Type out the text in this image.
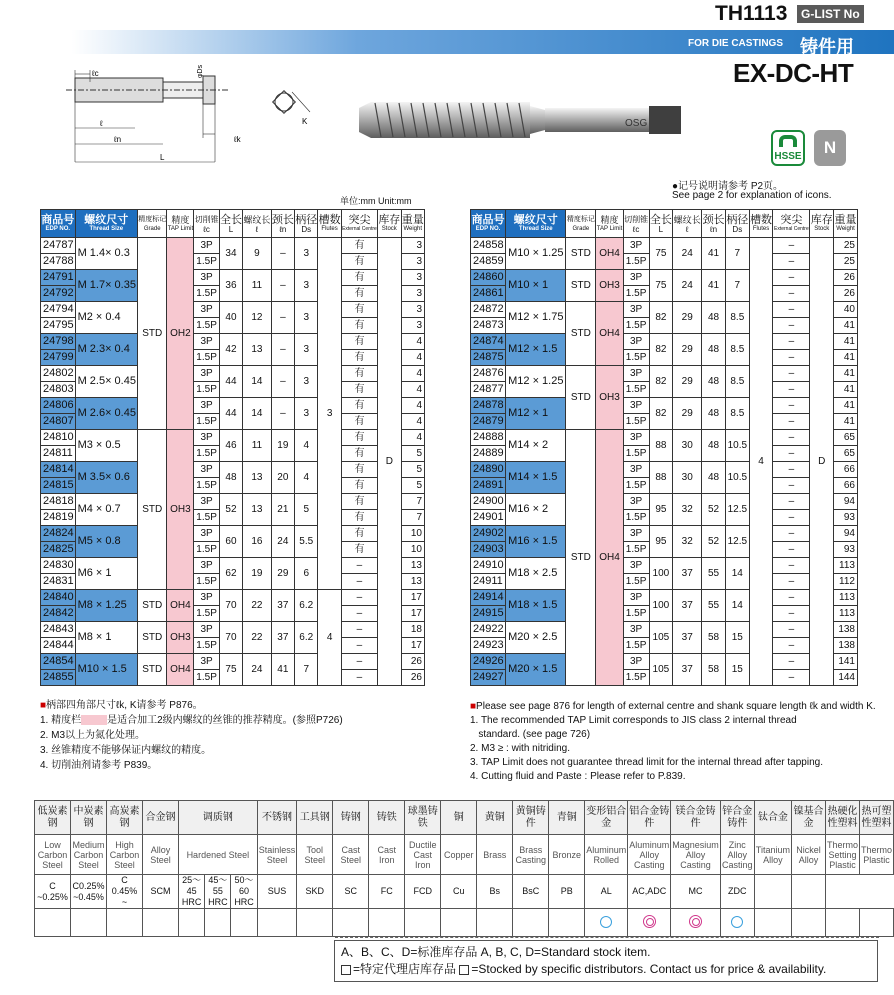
TH1113	G-LIST No
FOR DIE CASTINGS 铸件用
EX-DC-HT
ℓc
ℓ
ℓn
L
ℓk
φDs
K	OSG
HSSE	N
●记号说明请参考 P2页。
See page 2 for explanation of icons.
单位:mm Unit:mm
商品号
EDP NO.	螺纹尺寸
Thread Size	精度标记
Grade	精度
TAP Limit	切削锥
ℓc	全长
L	螺纹长
ℓ	颈长
ℓn	柄径
Ds	槽数
Flutes	突尖
External Centre	库存
Stock	重量
Weight

24787	M 1.4× 0.3	STD	OH2	3P	34	9	–	3	3	有	D	3
24788				1.5P						有		3
24791	M 1.7× 0.35			3P	36	11	–	3		有		3
24792				1.5P						有		3
24794	M2 × 0.4			3P	40	12	–	3		有		3
24795				1.5P						有		3
24798	M 2.3× 0.4			3P	42	13	–	3		有		4
24799				1.5P						有		4
24802	M 2.5× 0.45			3P	44	14	–	3		有		4
24803				1.5P						有		4
24806	M 2.6× 0.45			3P	44	14	–	3		有		4
24807				1.5P						有		4
24810	M3 × 0.5	STD	OH3	3P	46	11	19	4		有		4
24811				1.5P						有		5
24814	M 3.5× 0.6			3P	48	13	20	4		有		5
24815				1.5P						有		5
24818	M4 × 0.7			3P	52	13	21	5		有		7
24819				1.5P						有		7
24824	M5 × 0.8			3P	60	16	24	5.5		有		10
24825				1.5P						有		10
24830	M6 × 1			3P	62	19	29	6		–		13
24831				1.5P						–		13
24840	M8 × 1.25	STD	OH4	3P	70	22	37	6.2	4	–		17
24842				1.5P						–		17
24843	M8 × 1	STD	OH3	3P	70	22	37	6.2		–		18
24844				1.5P						–		17
24854	M10 × 1.5	STD	OH4	3P	75	24	41	7		–		26
24855				1.5P						–		26
商品号
EDP NO.	螺纹尺寸
Thread Size	精度标记
Grade	精度
TAP Limit	切削锥
ℓc	全长
L	螺纹长
ℓ	颈长
ℓn	柄径
Ds	槽数
Flutes	突尖
External Centre	库存
Stock	重量
Weight

24858	M10 × 1.25	STD	OH4	3P	75	24	41	7	4	–	D	25
24859				1.5P						–		25
24860	M10 × 1	STD	OH3	3P	75	24	41	7		–		26
24861				1.5P						–		26
24872	M12 × 1.75	STD	OH4	3P	82	29	48	8.5		–		40
24873				1.5P						–		41
24874	M12 × 1.5			3P	82	29	48	8.5		–		41
24875				1.5P						–		41
24876	M12 × 1.25	STD	OH3	3P	82	29	48	8.5		–		41
24877				1.5P						–		41
24878	M12 × 1			3P	82	29	48	8.5		–		41
24879				1.5P						–		41
24888	M14 × 2	STD	OH4	3P	88	30	48	10.5		–		65
24889				1.5P						–		65
24890	M14 × 1.5			3P	88	30	48	10.5		–		66
24891				1.5P						–		66
24900	M16 × 2			3P	95	32	52	12.5		–		94
24901				1.5P						–		93
24902	M16 × 1.5			3P	95	32	52	12.5		–		94
24903				1.5P						–		93
24910	M18 × 2.5			3P	100	37	55	14		–		113
24911				1.5P						–		112
24914	M18 × 1.5			3P	100	37	55	14		–		113
24915				1.5P						–		113
24922	M20 × 2.5			3P	105	37	58	15		–		138
24923				1.5P						–		138
24926	M20 × 1.5			3P	105	37	58	15		–		141
24927				1.5P						–		144
■柄部四角部尺寸ℓk, K请参考 P876。
1. 精度栏	是适合加工2级内螺纹的丝锥的推荐精度。(参照P726)
2. M3以上为氮化处理。
3. 丝锥精度不能够保证内螺纹的精度。
4. 切削油剂请参考 P839。
■Please see page 876 for length of external centre and shank square length ℓk and width K.
1. The recommended TAP Limit corresponds to JIS class 2 internal thread
standard. (see page 726)
2. M3 ≥ : with nitriding.
3. TAP Limit does not guarantee thread limit for the internal thread after tapping.
4. Cutting fluid and Paste : Please refer to P.839.
低炭素钢	中炭素钢	高炭素钢	合金钢	调质钢			不锈钢	工具钢	铸钢	铸铁	球墨铸铁	铜	黄铜	黄铜铸件	青铜	变形铝合金	铝合金铸件	镁合金铸件	锌合金铸件	钛合金	镍基合金	热硬化性塑料	热可塑性塑料
Low Carbon Steel	Medium Carbon Steel	High Carbon Steel	Alloy Steel	Hardened Steel			Stainless Steel	Tool Steel	Cast Steel	Cast Iron	Ductile Cast Iron	Copper	Brass	Brass Casting	Bronze	Aluminum Rolled	Aluminum Alloy Casting	Magnesium Alloy Casting	Zinc Alloy Casting	Titanium Alloy	Nickel Alloy	Thermo Setting Plastic	Thermo Plastic
C ~0.25%	C0.25% ~0.45%	C 0.45% ~	SCM	25～45 HRC	45～55 HRC	50～60 HRC	SUS	SKD	SC	FC	FCD	Cu	Bs	BsC	PB	AL	AC,ADC	MC	ZDC				

A、B、C、D=标准库存品 A, B, C, D=Standard stock item.
=特定代理店库存品 =Stocked by specific distributors. Contact us for price & availability.
